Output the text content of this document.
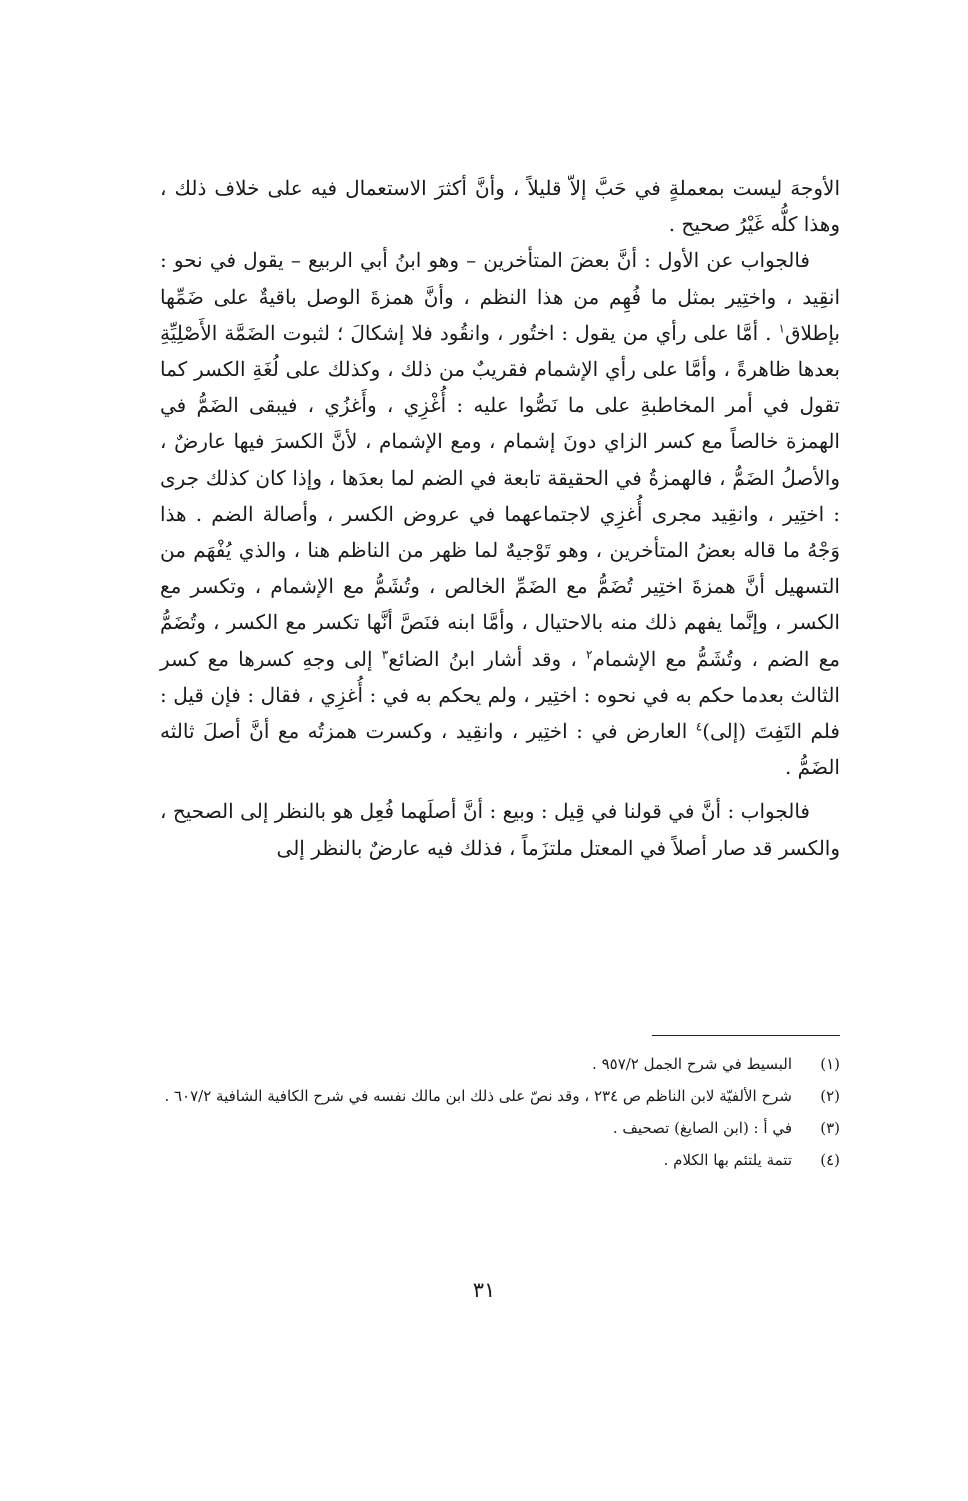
الأوجهَ ليست بمعملةٍ في حَبَّ إلاّ قليلاً ، وأنَّ أكثرَ الاستعمال فيه على خلاف ذلك ، وهذا كلُّه غَيْرُ صحيح .

فالجواب عن الأول : أنَّ بعضَ المتأخرين – وهو ابنُ أبي الربيع – يقول في نحو : انقِيد ، واختِير بمثل ما فُهِم من هذا النظم ، وأنَّ همزةَ الوصل باقيةٌ على ضَمِّها بإطلاق$^١$ . أمَّا على رأي من يقول : اختُور ، وانقُود فلا إشكالَ ؛ لثبوت الضَمَّة الأَصْلِيِّةِ بعدها ظاهرةً ، وأمَّا على رأي الإشمام فقريبٌ من ذلك ، وكذلك على لُغَةِ الكسر كما تقول في أمر المخاطبةِ على ما نَصُّوا عليه : أُغْزِي ، وأَغزُي ، فيبقى الضَمُّ في الهمزة خالصاً مع كسر الزاي دونَ إشمام ، ومع الإشمام ، لأنَّ الكسرَ فيها عارضٌ ، والأصلُ الضَمُّ ، فالهمزةُ في الحقيقة تابعة في الضم لما بعدَها ، وإذا كان كذلك جرى : اختِير ، وانقِيد مجرى أُغزِي لاجتماعهما في عروض الكسر ، وأصالة الضم . هذا وَجْهُ ما قاله بعضُ المتأخرين ، وهو تَوْجيهٌ لما ظهر من الناظم هنا ، والذي يُفْهَم من التسهيل أنَّ همزةَ اختِير تُضَمُّ مع الضَمِّ الخالص ، وتُشَمُّ مع الإشمام ، وتكسر مع الكسر ، وإنَّما يفهم ذلك منه بالاحتيال ، وأمَّا ابنه فنَصَّ أنَّها تكسر مع الكسر ، وتُضَمُّ مع الضم ، وتُشَمُّ مع الإشمام$^٢$ ، وقد أشار ابنُ الضائع$^٣$ إلى وجهِ كسرها مع كسر الثالث بعدما حكم به في نحوه : اختِير ، ولم يحكم به في : أُغزِي ، فقال : فإن قيل : فلم التَفِتَ (إلى)$^٤$ العارض في : اختِير ، وانقِيد ، وكسرت همزتُه مع أنَّ أصلَ ثالثه الضَمُّ .

فالجواب : أنَّ في قولنا في قِيل : وبيع : أنَّ أصلَهما فُعِل هو بالنظر إلى الصحيح ، والكسر قد صار أصلاً في المعتل ملتزَماً ، فذلك فيه عارضٌ بالنظر إلى

(١)
البسيط في شرح الجمل ٩٥٧/٢ .
(٢)
شرح الألفيّة لابن الناظم ص ٢٣٤ ، وقد نصّ على ذلك ابن مالك نفسه في شرح الكافية الشافية ٦٠٧/٢ .
(٣)
في أ : (ابن الصايغ) تصحيف .
(٤)
تتمة يلتئم بها الكلام .
٣١
